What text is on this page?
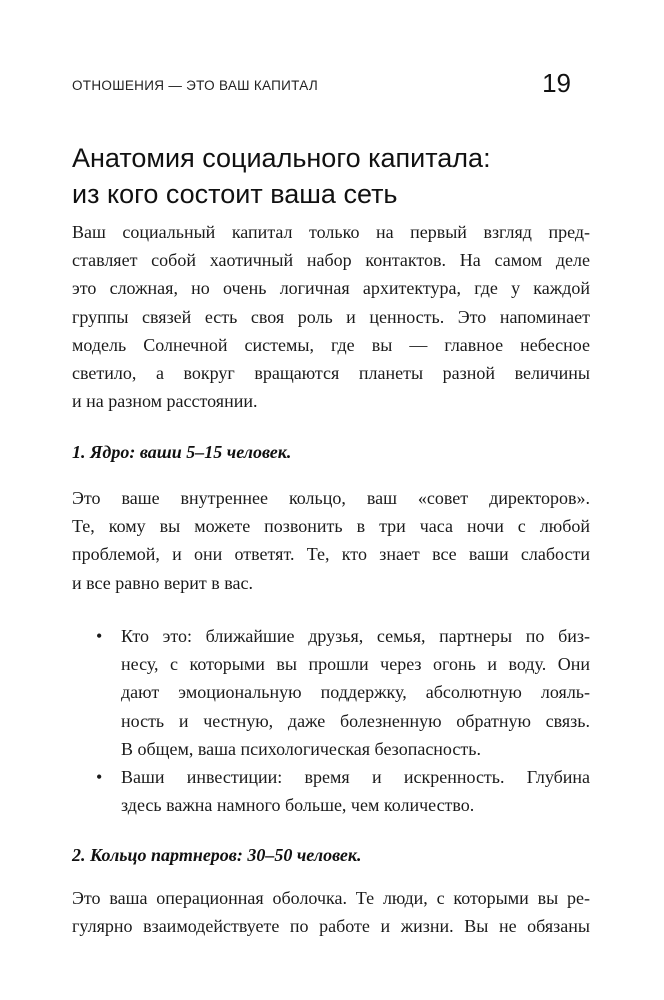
ОТНОШЕНИЯ — ЭТО ВАШ КАПИТАЛ	19
Анатомия социального капитала:
из кого состоит ваша сеть
Ваш социальный капитал только на первый взгляд пред-
ставляет собой хаотичный набор контактов. На самом деле
это сложная, но очень логичная архитектура, где у каждой
группы связей есть своя роль и ценность. Это напоминает
модель Солнечной системы, где вы — главное небесное
светило, а вокруг вращаются планеты разной величины
и на разном расстоянии.
1. Ядро: ваши 5–15 человек.
Это ваше внутреннее кольцо, ваш «совет директоров».
Те, кому вы можете позвонить в три часа ночи с любой
проблемой, и они ответят. Те, кто знает все ваши слабости
и все равно верит в вас.
• Кто это: ближайшие друзья, семья, партнеры по биз-
несу, с которыми вы прошли через огонь и воду. Они
дают эмоциональную поддержку, абсолютную лояль-
ность и честную, даже болезненную обратную связь.
В общем, ваша психологическая безопасность.
• Ваши инвестиции: время и искренность. Глубина
здесь важна намного больше, чем количество.
2. Кольцо партнеров: 30–50 человек.
Это ваша операционная оболочка. Те люди, с которыми вы ре-
гулярно взаимодействуете по работе и жизни. Вы не обязаны
